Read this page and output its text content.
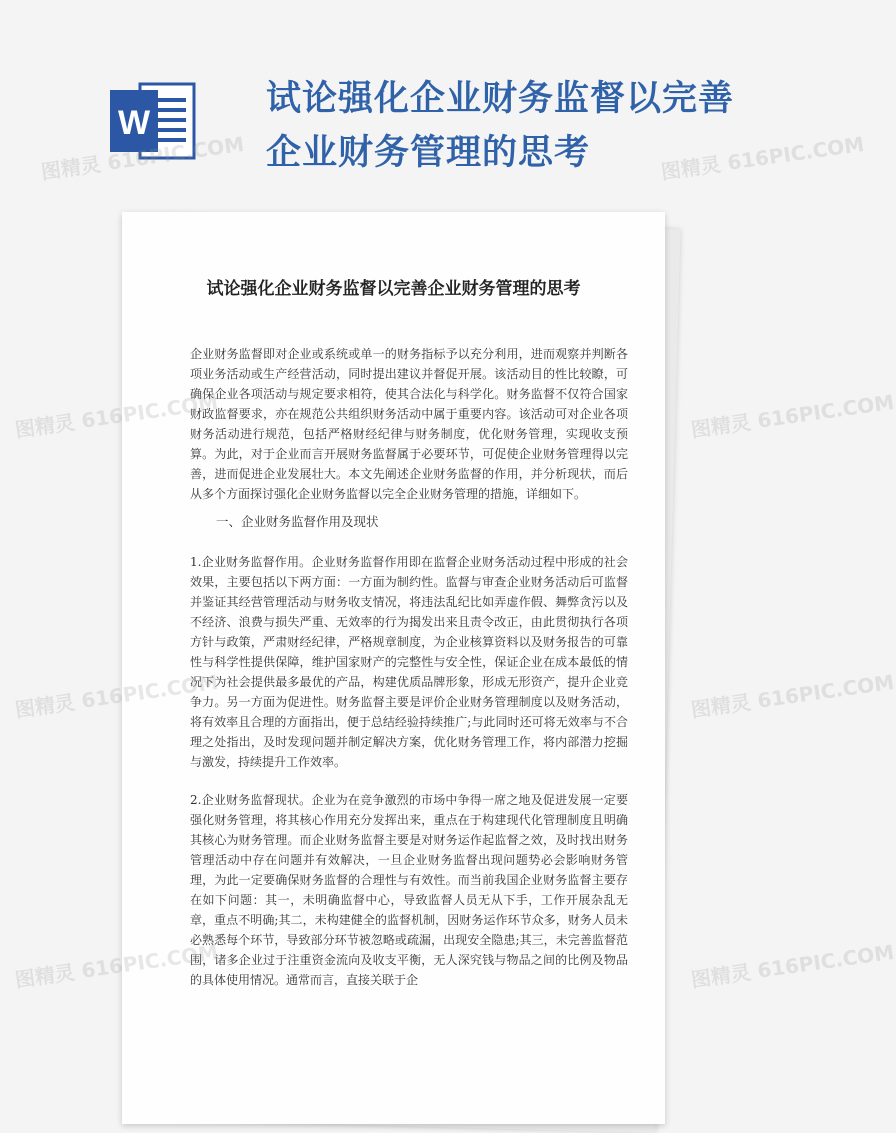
W
试论强化企业财务监督以完善
企业财务管理的思考
图精灵 616PIC.COM	图精灵 616PIC.COM
试论强化企业财务监督以完善企业财务管理的思考

企业财务监督即对企业或系统或单一的财务指标予以充分利用，进而观察并判断各项业务活动或生产经营活动，同时提出建议并督促开展。该活动目的性比较瞭，可确保企业各项活动与规定要求相符，使其合法化与科学化。财务监督不仅符合国家财政监督要求，亦在规范公共组织财务活动中属于重要内容。该活动可对企业各项财务活动进行规范，包括严格财经纪律与财务制度，优化财务管理，实现收支预算。为此，对于企业而言开展财务监督属于必要环节，可促使企业财务管理得以完善，进而促进企业发展壮大。本文先阐述企业财务监督的作用，并分析现状，而后从多个方面探讨强化企业财务监督以完全企业财务管理的措施，详细如下。

一、企业财务监督作用及现状

1.企业财务监督作用。企业财务监督作用即在监督企业财务活动过程中形成的社会效果，主要包括以下两方面：一方面为制约性。监督与审查企业财务活动后可监督并鉴证其经营管理活动与财务收支情况，将违法乱纪比如弄虚作假、舞弊贪污以及不经济、浪费与损失严重、无效率的行为揭发出来且责令改正，由此贯彻执行各项方针与政策，严肃财经纪律，严格规章制度，为企业核算资料以及财务报告的可靠性与科学性提供保障，维护国家财产的完整性与安全性，保证企业在成本最低的情况下为社会提供最多最优的产品，构建优质品牌形象，形成无形资产，提升企业竞争力。另一方面为促进性。财务监督主要是评价企业财务管理制度以及财务活动，将有效率且合理的方面指出，便于总结经验持续推广;与此同时还可将无效率与不合理之处指出，及时发现问题并制定解决方案，优化财务管理工作，将内部潜力挖掘与激发，持续提升工作效率。

2.企业财务监督现状。企业为在竞争激烈的市场中争得一席之地及促进发展一定要强化财务管理，将其核心作用充分发挥出来，重点在于构建现代化管理制度且明确其核心为财务管理。而企业财务监督主要是对财务运作起监督之效，及时找出财务管理活动中存在问题并有效解决，一旦企业财务监督出现问题势必会影响财务管理，为此一定要确保财务监督的合理性与有效性。而当前我国企业财务监督主要存在如下问题：其一，未明确监督中心，导致监督人员无从下手，工作开展杂乱无章，重点不明确;其二，未构建健全的监督机制，因财务运作环节众多，财务人员未必熟悉每个环节，导致部分环节被忽略或疏漏，出现安全隐患;其三，未完善监督范围，诸多企业过于注重资金流向及收支平衡，无人深究钱与物品之间的比例及物品的具体使用情况。通常而言，直接关联于企

图精灵 616PIC.COM	图精灵 616PIC.COM
图精灵 616PIC.COM
图精灵 616PIC.COM
图精灵 616PIC.COM
图精灵 616PIC.COM
